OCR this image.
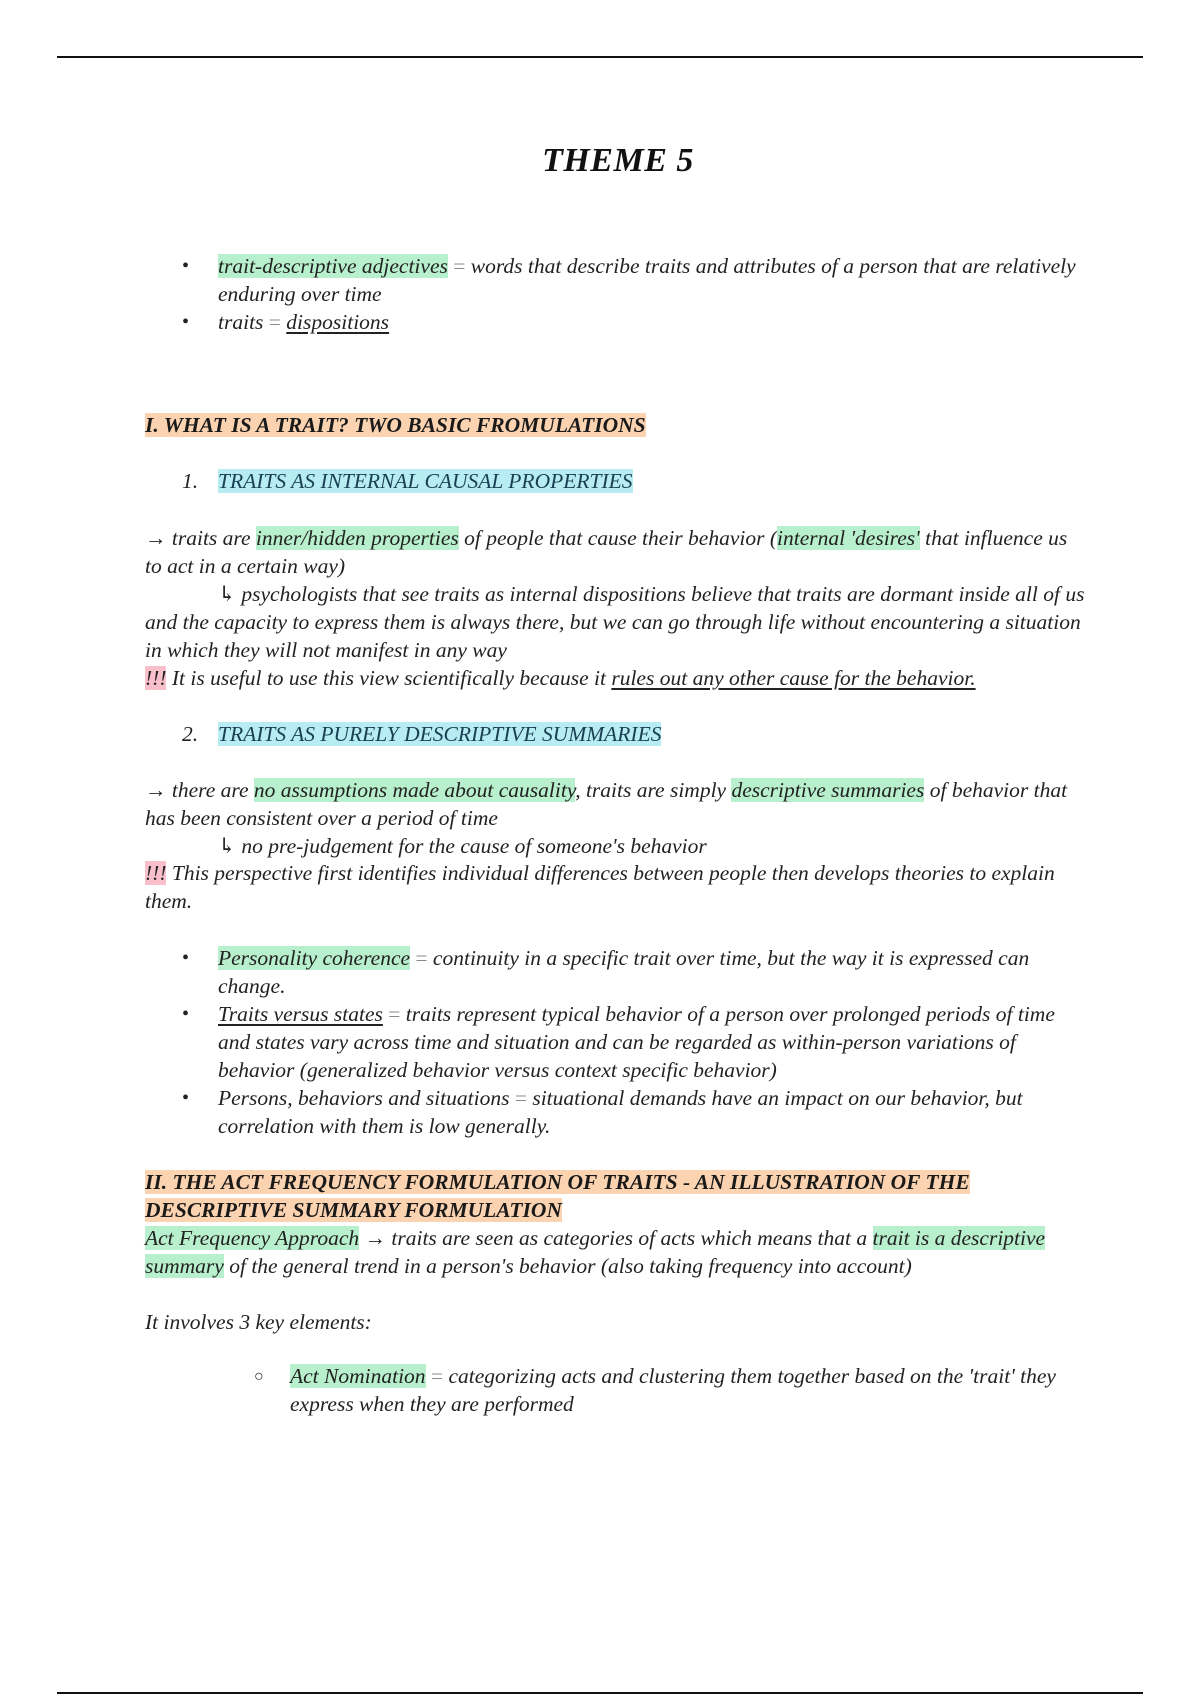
THEME 5
• trait-descriptive adjectives = words that describe traits and attributes of a person that are relatively enduring over time
• traits = dispositions
I. WHAT IS A TRAIT? TWO BASIC FROMULATIONS
1. TRAITS AS INTERNAL CAUSAL PROPERTIES
→ traits are inner/hidden properties of people that cause their behavior (internal 'desires' that influence us to act in a certain way)
↳ psychologists that see traits as internal dispositions believe that traits are dormant inside all of us and the capacity to express them is always there, but we can go through life without encountering a situation in which they will not manifest in any way
!!! It is useful to use this view scientifically because it rules out any other cause for the behavior.
2. TRAITS AS PURELY DESCRIPTIVE SUMMARIES
→ there are no assumptions made about causality, traits are simply descriptive summaries of behavior that has been consistent over a period of time
↳ no pre-judgement for the cause of someone's behavior
!!! This perspective first identifies individual differences between people then develops theories to explain them.
• Personality coherence = continuity in a specific trait over time, but the way it is expressed can change.
• Traits versus states = traits represent typical behavior of a person over prolonged periods of time and states vary across time and situation and can be regarded as within-person variations of behavior (generalized behavior versus context specific behavior)
• Persons, behaviors and situations = situational demands have an impact on our behavior, but correlation with them is low generally.
II. THE ACT FREQUENCY FORMULATION OF TRAITS - AN ILLUSTRATION OF THE DESCRIPTIVE SUMMARY FORMULATION
Act Frequency Approach → traits are seen as categories of acts which means that a trait is a descriptive summary of the general trend in a person's behavior (also taking frequency into account)
It involves 3 key elements:
○ Act Nomination = categorizing acts and clustering them together based on the 'trait' they express when they are performed
